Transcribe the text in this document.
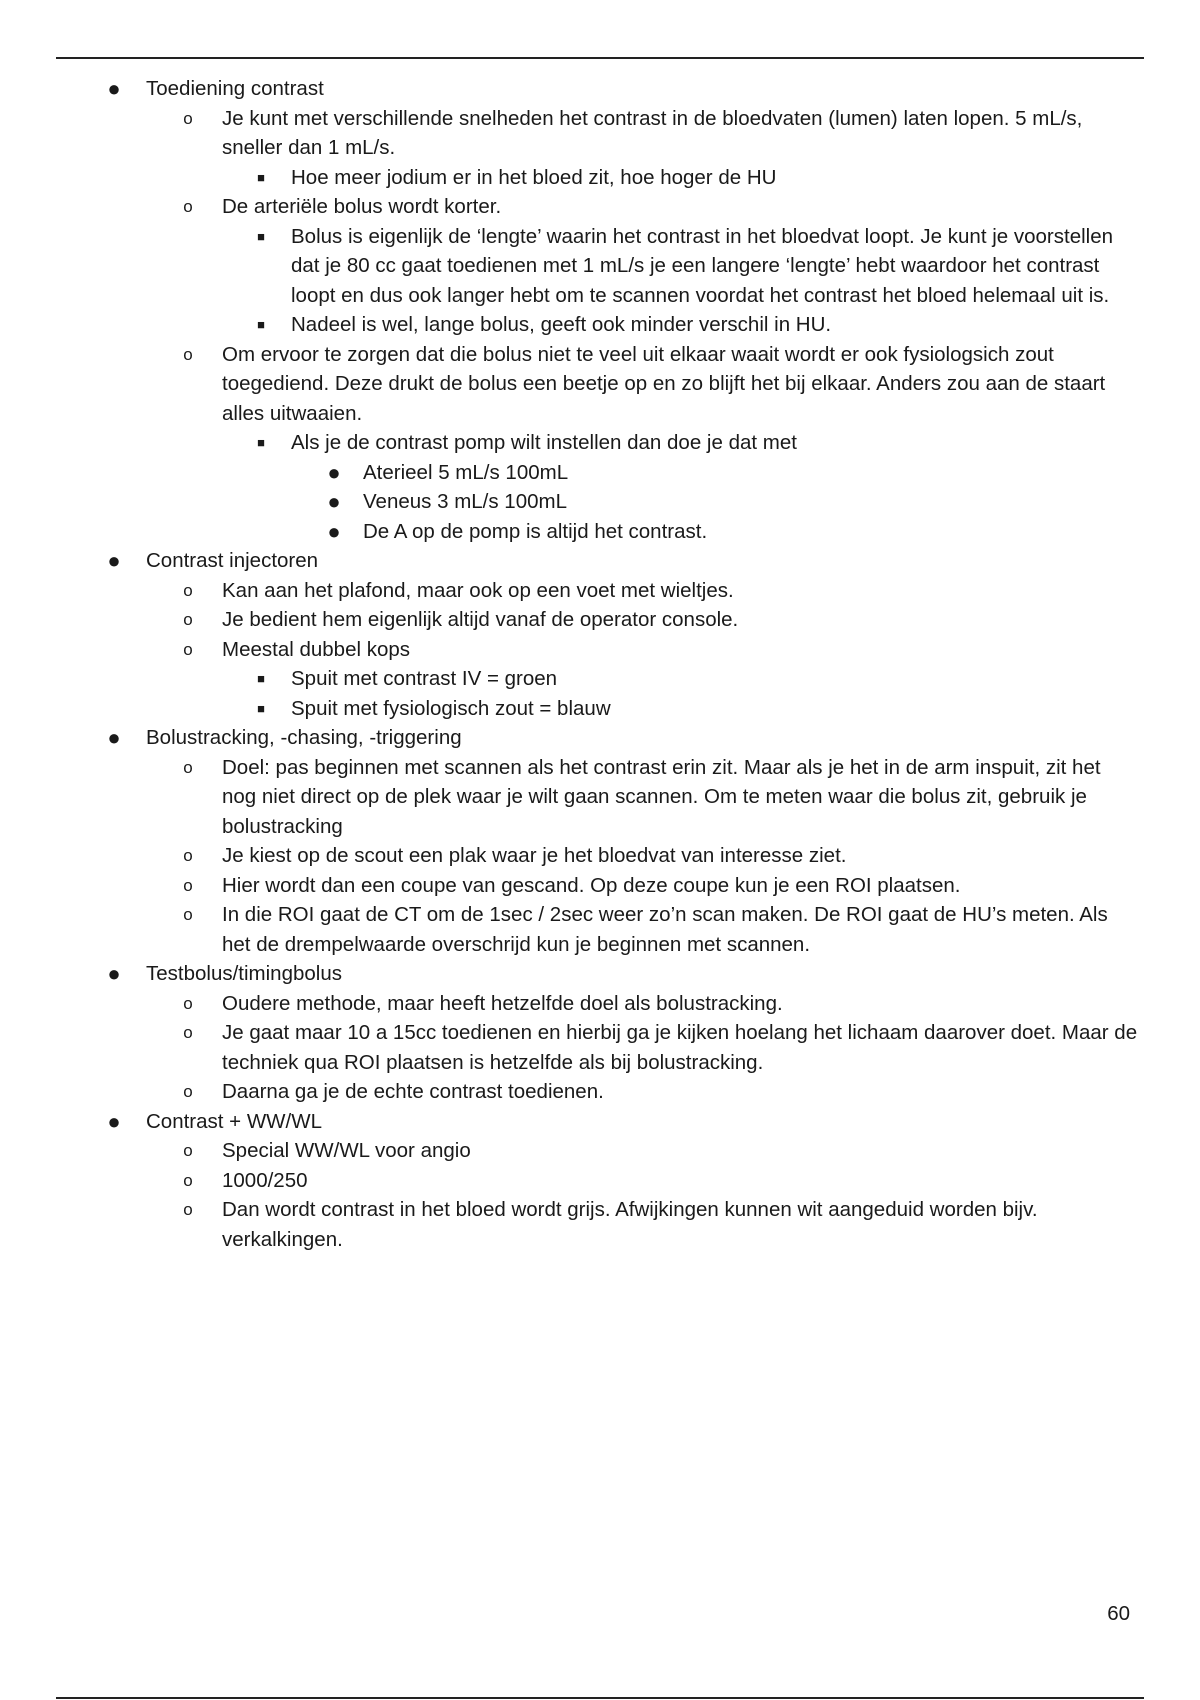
● Toediening contrast
o Je kunt met verschillende snelheden het contrast in de bloedvaten (lumen) laten lopen. 5 mL/s, sneller dan 1 mL/s.
■ Hoe meer jodium er in het bloed zit, hoe hoger de HU
o De arteriële bolus wordt korter.
■ Bolus is eigenlijk de ‘lengte’ waarin het contrast in het bloedvat loopt. Je kunt je voorstellen dat je 80 cc gaat toedienen met 1 mL/s je een langere ‘lengte’ hebt waardoor het contrast loopt en dus ook langer hebt om te scannen voordat het contrast het bloed helemaal uit is.
■ Nadeel is wel, lange bolus, geeft ook minder verschil in HU.
o Om ervoor te zorgen dat die bolus niet te veel uit elkaar waait wordt er ook fysiologsich zout toegediend. Deze drukt de bolus een beetje op en zo blijft het bij elkaar. Anders zou aan de staart alles uitwaaien.
■ Als je de contrast pomp wilt instellen dan doe je dat met
● Aterieel 5 mL/s 100mL
● Veneus 3 mL/s 100mL
● De A op de pomp is altijd het contrast.
● Contrast injectoren
o Kan aan het plafond, maar ook op een voet met wieltjes.
o Je bedient hem eigenlijk altijd vanaf de operator console.
o Meestal dubbel kops
■ Spuit met contrast IV = groen
■ Spuit met fysiologisch zout = blauw
● Bolustracking, -chasing, -triggering
o Doel: pas beginnen met scannen als het contrast erin zit. Maar als je het in de arm inspuit, zit het nog niet direct op de plek waar je wilt gaan scannen. Om te meten waar die bolus zit, gebruik je bolustracking
o Je kiest op de scout een plak waar je het bloedvat van interesse ziet.
o Hier wordt dan een coupe van gescand. Op deze coupe kun je een ROI plaatsen.
o In die ROI gaat de CT om de 1sec / 2sec weer zo’n scan maken. De ROI gaat de HU’s meten. Als het de drempelwaarde overschrijd kun je beginnen met scannen.
● Testbolus/timingbolus
o Oudere methode, maar heeft hetzelfde doel als bolustracking.
o Je gaat maar 10 a 15cc toedienen en hierbij ga je kijken hoelang het lichaam daarover doet. Maar de techniek qua ROI plaatsen is hetzelfde als bij bolustracking.
o Daarna ga je de echte contrast toedienen.
● Contrast + WW/WL
o Special WW/WL voor angio
o 1000/250
o Dan wordt contrast in het bloed wordt grijs. Afwijkingen kunnen wit aangeduid worden bijv. verkalkingen.
60
